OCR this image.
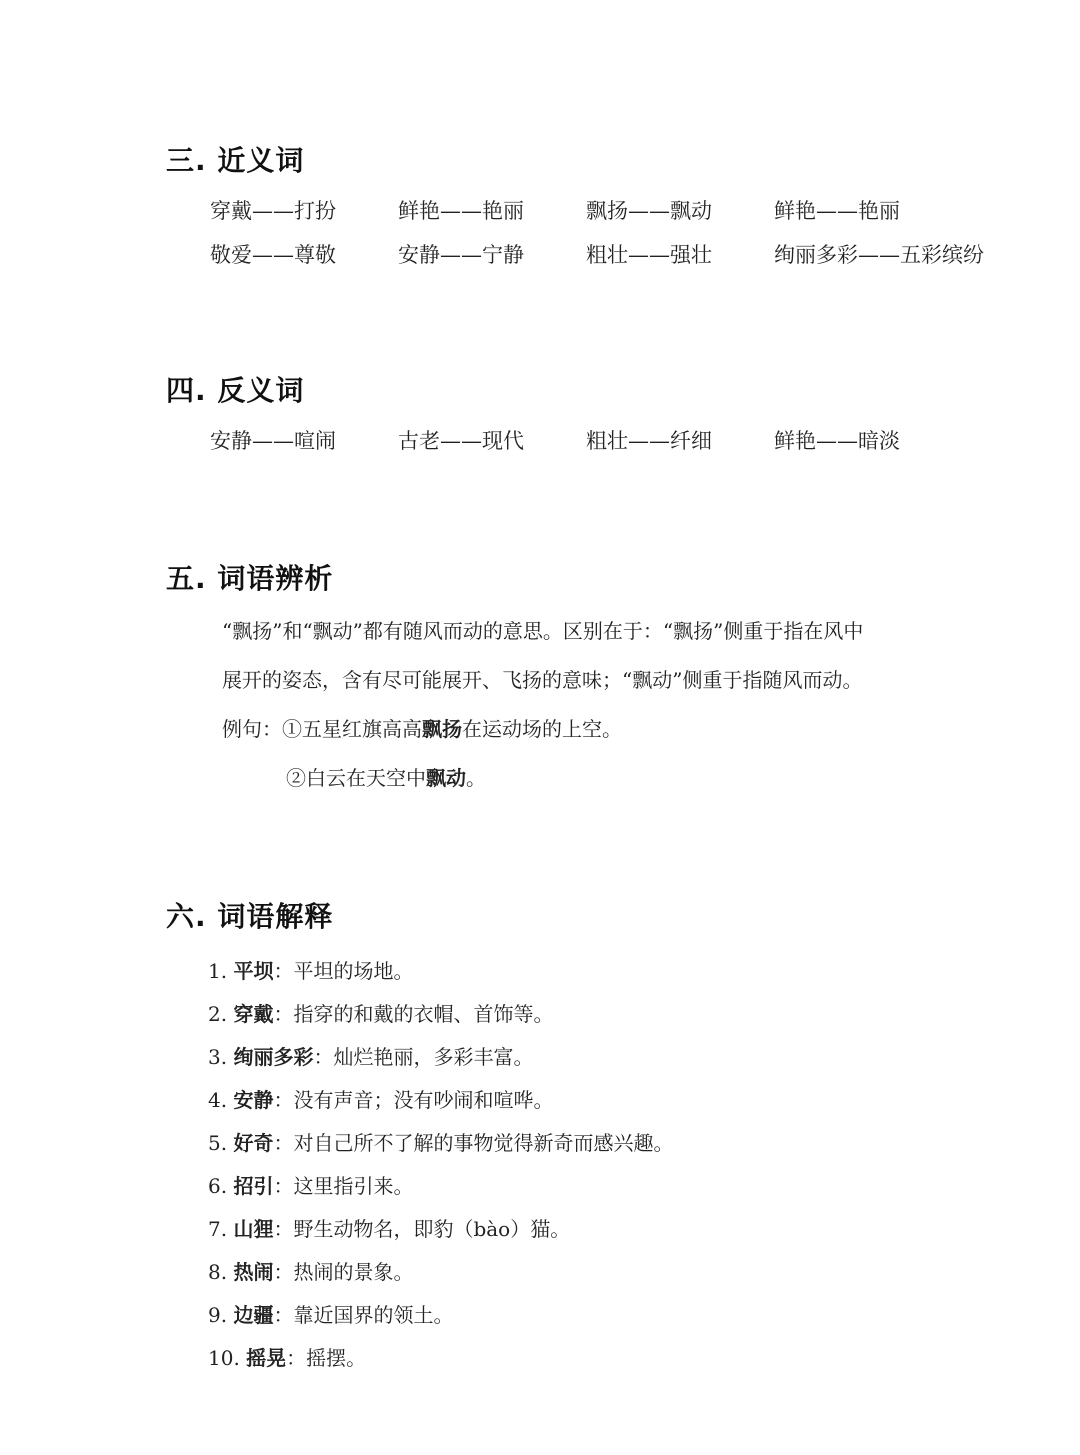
三. 近义词
穿戴——打扮	鲜艳——艳丽	飘扬——飘动	鲜艳——艳丽
敬爱——尊敬	安静——宁静	粗壮——强壮	绚丽多彩——五彩缤纷
四. 反义词
安静——喧闹	古老——现代	粗壮——纤细	鲜艳——暗淡
五. 词语辨析

“飘扬”和“飘动”都有随风而动的意思。区别在于：“飘扬”侧重于指在风中

展开的姿态，含有尽可能展开、飞扬的意味；“飘动”侧重于指随风而动。

例句：①五星红旗高高飘扬在运动场的上空。

②白云在天空中飘动。

六. 词语解释
1. 平坝：平坦的场地。
2. 穿戴：指穿的和戴的衣帽、首饰等。
3. 绚丽多彩：灿烂艳丽，多彩丰富。
4. 安静：没有声音；没有吵闹和喧哗。
5. 好奇：对自己所不了解的事物觉得新奇而感兴趣。
6. 招引：这里指引来。
7. 山狸：野生动物名，即豹（bào）猫。
8. 热闹：热闹的景象。
9. 边疆：靠近国界的领土。
10. 摇晃：摇摆。
